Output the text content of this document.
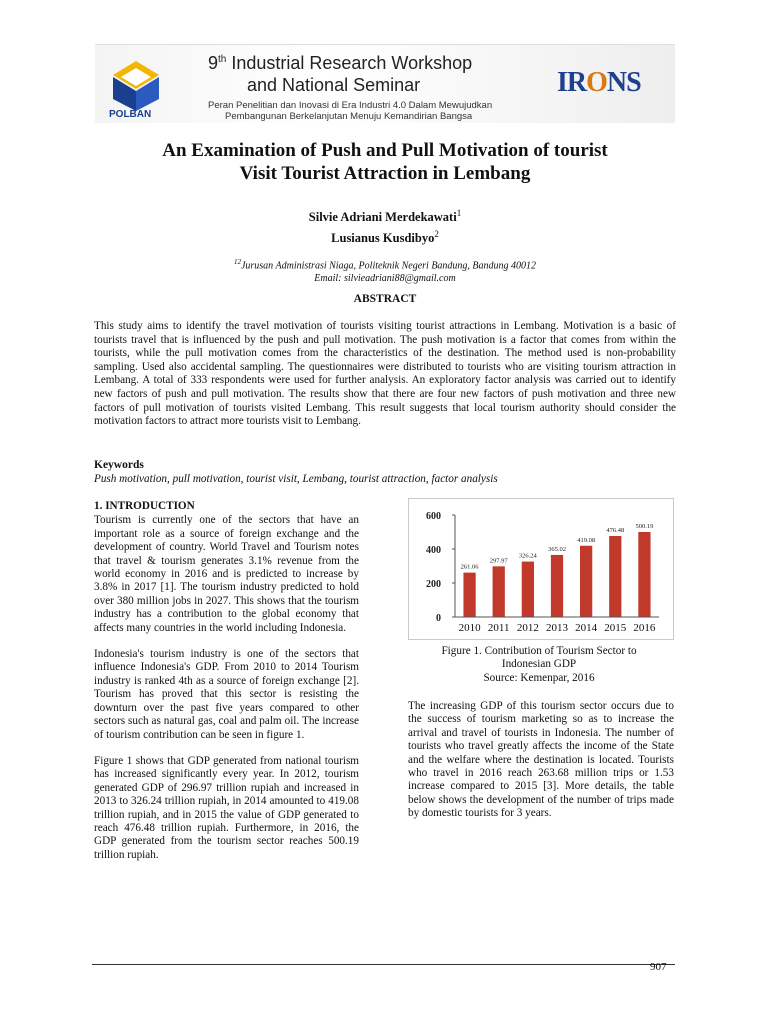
POLBAN
9th Industrial Research Workshop
and National Seminar
Peran Penelitian dan Inovasi di Era Industri 4.0 Dalam Mewujudkan
Pembangunan Berkelanjutan Menuju Kemandirian Bangsa
IRONS
An Examination of Push and Pull Motivation of tourist
Visit Tourist Attraction in Lembang
Silvie Adriani Merdekawati$^1$
Lusianus Kusdibyo$^2$
$^{12}$Jurusan Administrasi Niaga, Politeknik Negeri Bandung, Bandung 40012
Email: silvieadriani88@gmail.com
ABSTRACT

This study aims to identify the travel motivation of tourists visiting tourist attractions in Lembang. Motivation is a basic of tourists travel that is influenced by the push and pull motivation. The push motivation is a factor that comes from within the tourists, while the pull motivation comes from the characteristics of the destination. The method used is non-probability sampling. Used also accidental sampling. The questionnaires were distributed to tourists who are visiting tourism attraction in Lembang. A total of 333 respondents were used for further analysis. An exploratory factor analysis was carried out to identify new factors of push and pull motivation. The results show that there are four new factors of push motivation and three new factors of pull motivation of tourists visited Lembang. This result suggests that local tourism authority should consider the motivation factors to attract more tourists visit to Lembang.

Keywords
Push motivation, pull motivation, tourist visit, Lembang, tourist attraction, factor analysis
1. INTRODUCTION

Tourism is currently one of the sectors that have an important role as a source of foreign exchange and the development of country. World Travel and Tourism notes that travel & tourism generates 3.1% revenue from the world economy in 2016 and is predicted to increase by 3.8% in 2017 [1]. The tourism industry predicted to hold over 380 million jobs in 2027. This shows that the tourism industry has a contribution to the global economy that affects many countries in the world including Indonesia.

Indonesia's tourism industry is one of the sectors that influence Indonesia's GDP. From 2010 to 2014 Tourism industry is ranked 4th as a source of foreign exchange [2]. Tourism has proved that this sector is resisting the downturn over the past five years compared to other sectors such as natural gas, coal and palm oil. The increase of tourism contribution can be seen in figure 1.

Figure 1 shows that GDP generated from national tourism has increased significantly every year. In 2012, tourism generated GDP of 296.97 trillion rupiah and increased in 2013 to 326.24 trillion rupiah, in 2014 amounted to 419.08 trillion rupiah, and in 2015 the value of GDP generated to reach 476.48 trillion rupiah. Furthermore, in 2016, the GDP generated from the tourism sector reaches 500.19 trillion rupiah.

0
200
400
600
261.06
297.97
326.24
365.02
419.08
476.48
500.19
2010 2011 2012 2013 2014 2015 2016
Figure 1. Contribution of Tourism Sector to
Indonesian GDP
Source: Kemenpar, 2016

The increasing GDP of this tourism sector occurs due to the success of tourism marketing so as to increase the arrival and travel of tourists in Indonesia. The number of tourists who travel greatly affects the income of the State and the welfare where the destination is located. Tourists who travel in 2016 reach 263.68 million trips or 1.53 increase compared to 2015 [3]. More details, the table below shows the development of the number of trips made by domestic tourists for 3 years.

907
